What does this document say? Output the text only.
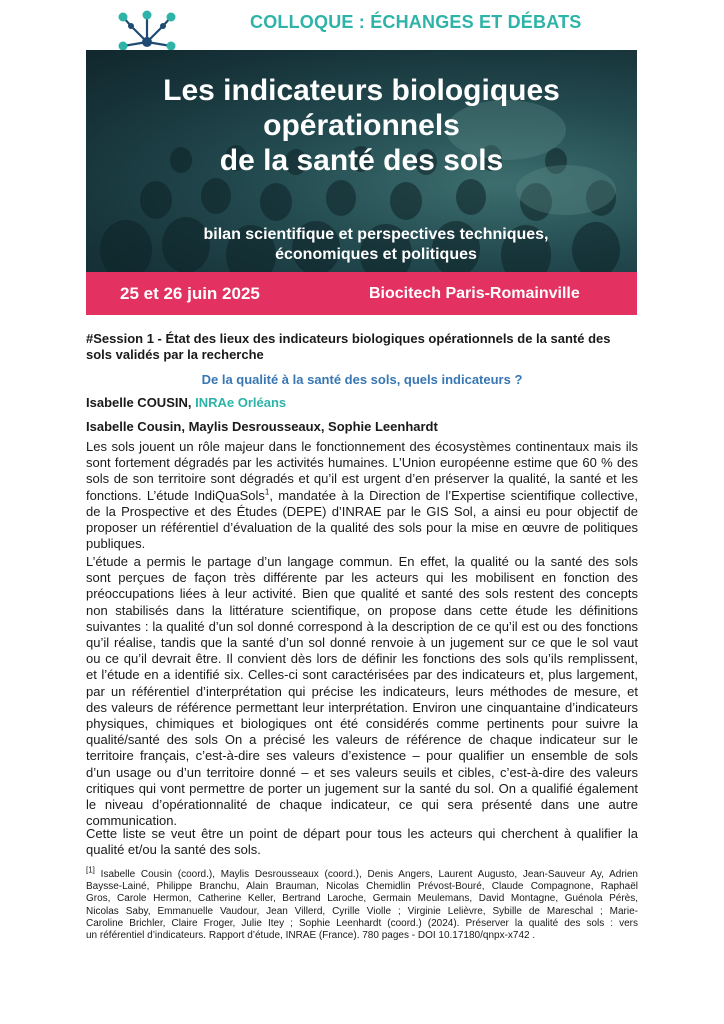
COLLOQUE : ÉCHANGES ET DÉBATS
Les indicateurs biologiques
opérationnels
de la santé des sols
bilan scientifique et perspectives techniques,
économiques et politiques
25 et 26 juin 2025	Biocitech Paris-Romainville
#Session 1 - État des lieux des indicateurs biologiques opérationnels de la santé des
sols validés par la recherche
De la qualité à la santé des sols, quels indicateurs ?
Isabelle COUSIN, INRAe Orléans
Isabelle Cousin, Maylis Desrousseaux, Sophie Leenhardt
Les sols jouent un rôle majeur dans le fonctionnement des écosystèmes continentaux mais ils
sont fortement dégradés par les activités humaines. L’Union européenne estime que 60 % des
sols de son territoire sont dégradés et qu’il est urgent d’en préserver la qualité, la santé et les
fonctions. L’étude IndiQuaSols$^1$, mandatée à la Direction de l’Expertise scientifique collective,
de la Prospective et des Études (DEPE) d’INRAE par le GIS Sol, a ainsi eu pour objectif de
proposer un référentiel d’évaluation de la qualité des sols pour la mise en œuvre de politiques
publiques.
L’étude a permis le partage d’un langage commun. En effet, la qualité ou la santé des sols
sont perçues de façon très différente par les acteurs qui les mobilisent en fonction des
préoccupations liées à leur activité. Bien que qualité et santé des sols restent des concepts
non stabilisés dans la littérature scientifique, on propose dans cette étude les définitions
suivantes : la qualité d’un sol donné correspond à la description de ce qu’il est ou des fonctions
qu’il réalise, tandis que la santé d’un sol donné renvoie à un jugement sur ce que le sol vaut
ou ce qu’il devrait être. Il convient dès lors de définir les fonctions des sols qu’ils remplissent,
et l’étude en a identifié six. Celles-ci sont caractérisées par des indicateurs et, plus largement,
par un référentiel d’interprétation qui précise les indicateurs, leurs méthodes de mesure, et
des valeurs de référence permettant leur interprétation. Environ une cinquantaine d’indicateurs
physiques, chimiques et biologiques ont été considérés comme pertinents pour suivre la
qualité/santé des sols On a précisé les valeurs de référence de chaque indicateur sur le
territoire français, c’est-à-dire ses valeurs d’existence – pour qualifier un ensemble de sols
d’un usage ou d’un territoire donné – et ses valeurs seuils et cibles, c’est-à-dire des valeurs
critiques qui vont permettre de porter un jugement sur la santé du sol. On a qualifié également
le niveau d’opérationnalité de chaque indicateur, ce qui sera présenté dans une autre
communication.
Cette liste se veut être un point de départ pour tous les acteurs qui cherchent à qualifier la
qualité et/ou la santé des sols.
[1] Isabelle Cousin (coord.), Maylis Desrousseaux (coord.), Denis Angers, Laurent Augusto, Jean-Sauveur Ay, Adrien
Baysse-Lainé, Philippe Branchu, Alain Brauman, Nicolas Chemidlin Prévost-Bouré, Claude Compagnone, Raphaël
Gros, Carole Hermon, Catherine Keller, Bertrand Laroche, Germain Meulemans, David Montagne, Guénola Pérès,
Nicolas Saby, Emmanuelle Vaudour, Jean Villerd, Cyrille Violle ; Virginie Lelièvre, Sybille de Mareschal ; Marie-
Caroline Brichler, Claire Froger, Julie Itey ; Sophie Leenhardt (coord.) (2024). Préserver la qualité des sols : vers
un référentiel d’indicateurs. Rapport d’étude, INRAE (France). 780 pages - DOI 10.17180/qnpx-x742 .
